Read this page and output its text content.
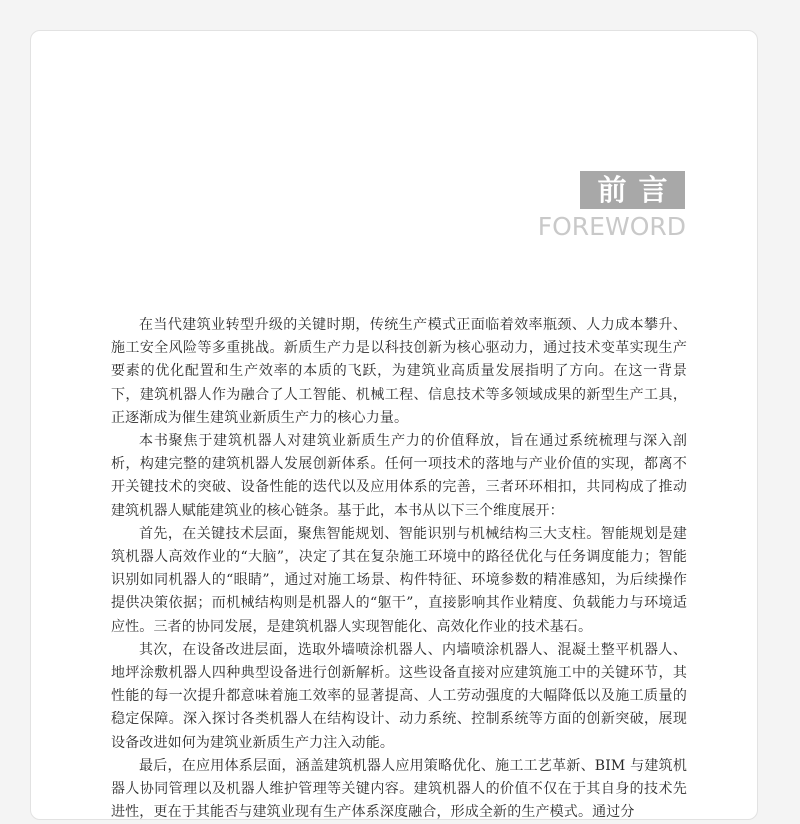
前言
FOREWORD

在当代建筑业转型升级的关键时期，传统生产模式正面临着效率瓶颈、人力成本攀升、施工安全风险等多重挑战。新质生产力是以科技创新为核心驱动力，通过技术变革实现生产要素的优化配置和生产效率的本质的飞跃，为建筑业高质量发展指明了方向。在这一背景下，建筑机器人作为融合了人工智能、机械工程、信息技术等多领域成果的新型生产工具，正逐渐成为催生建筑业新质生产力的核心力量。

本书聚焦于建筑机器人对建筑业新质生产力的价值释放，旨在通过系统梳理与深入剖析，构建完整的建筑机器人发展创新体系。任何一项技术的落地与产业价值的实现，都离不开关键技术的突破、设备性能的迭代以及应用体系的完善，三者环环相扣，共同构成了推动建筑机器人赋能建筑业的核心链条。基于此，本书从以下三个维度展开：

首先，在关键技术层面，聚焦智能规划、智能识别与机械结构三大支柱。智能规划是建筑机器人高效作业的“大脑”，决定了其在复杂施工环境中的路径优化与任务调度能力；智能识别如同机器人的“眼睛”，通过对施工场景、构件特征、环境参数的精准感知，为后续操作提供决策依据；而机械结构则是机器人的“躯干”，直接影响其作业精度、负载能力与环境适应性。三者的协同发展，是建筑机器人实现智能化、高效化作业的技术基石。

其次，在设备改进层面，选取外墙喷涂机器人、内墙喷涂机器人、混凝土整平机器人、地坪涂敷机器人四种典型设备进行创新解析。这些设备直接对应建筑施工中的关键环节，其性能的每一次提升都意味着施工效率的显著提高、人工劳动强度的大幅降低以及施工质量的稳定保障。深入探讨各类机器人在结构设计、动力系统、控制系统等方面的创新突破，展现设备改进如何为建筑业新质生产力注入动能。

最后，在应用体系层面，涵盖建筑机器人应用策略优化、施工工艺革新、BIM 与建筑机器人协同管理以及机器人维护管理等关键内容。建筑机器人的价值不仅在于其自身的技术先进性，更在于其能否与建筑业现有生产体系深度融合，形成全新的生产模式。通过分
